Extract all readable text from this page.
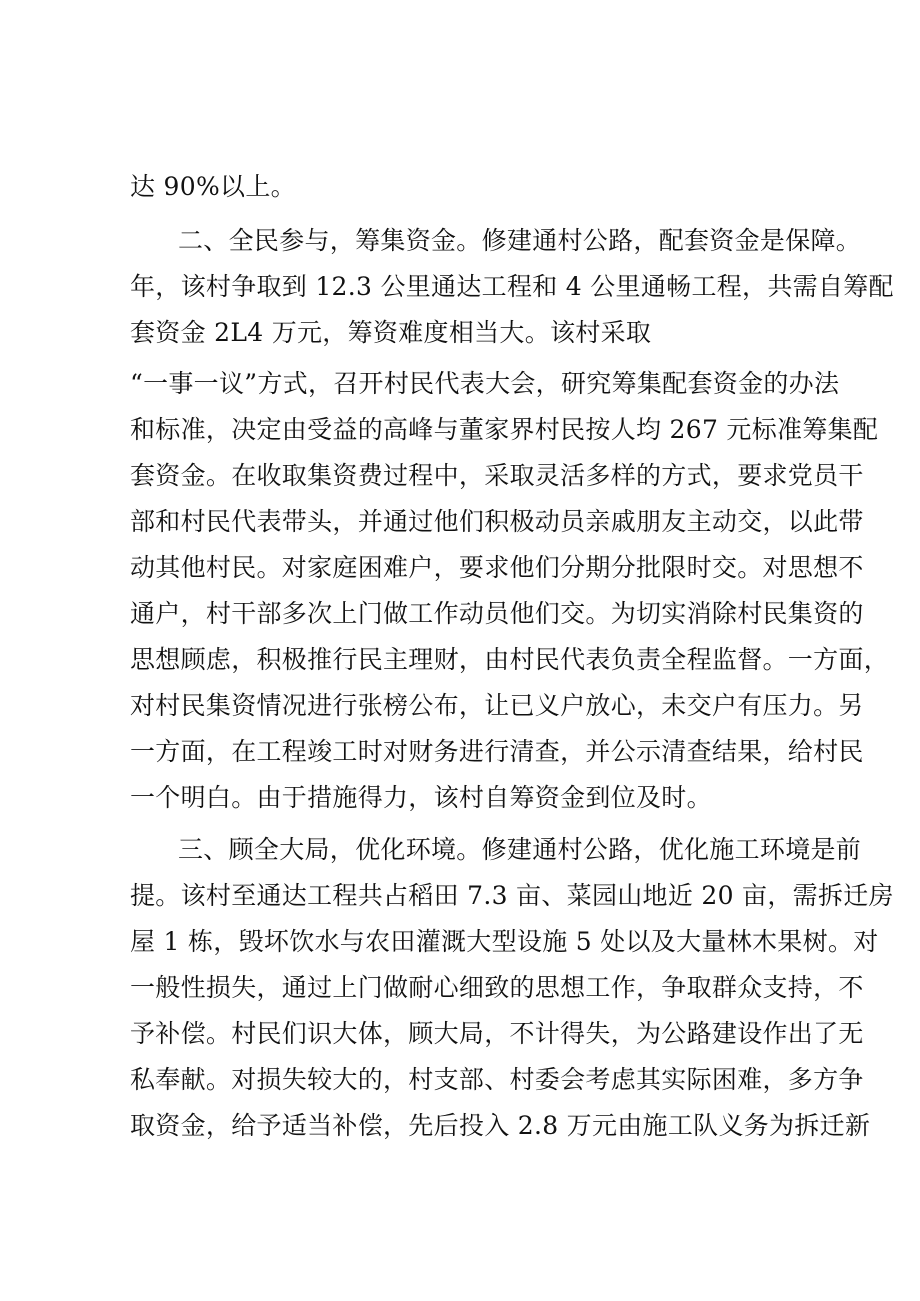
达 90%以上。
二、全民参与，筹集资金。修建通村公路，配套资金是保障。
年，该村争取到 12.3 公里通达工程和 4 公里通畅工程，共需自筹配
套资金 2L4 万元，筹资难度相当大。该村采取
“一事一议”方式，召开村民代表大会，研究筹集配套资金的办法
和标准，决定由受益的高峰与董家界村民按人均 267 元标准筹集配
套资金。在收取集资费过程中，采取灵活多样的方式，要求党员干
部和村民代表带头，并通过他们积极动员亲戚朋友主动交，以此带
动其他村民。对家庭困难户，要求他们分期分批限时交。对思想不
通户，村干部多次上门做工作动员他们交。为切实消除村民集资的
思想顾虑，积极推行民主理财，由村民代表负责全程监督。一方面，
对村民集资情况进行张榜公布，让已义户放心，未交户有压力。另
一方面，在工程竣工时对财务进行清查，并公示清查结果，给村民
一个明白。由于措施得力，该村自筹资金到位及时。
三、顾全大局，优化环境。修建通村公路，优化施工环境是前
提。该村至通达工程共占稻田 7.3 亩、菜园山地近 20 亩，需拆迁房
屋 1 栋，毁坏饮水与农田灌溉大型设施 5 处以及大量林木果树。对
一般性损失，通过上门做耐心细致的思想工作，争取群众支持，不
予补偿。村民们识大体，顾大局，不计得失，为公路建设作出了无
私奉献。对损失较大的，村支部、村委会考虑其实际困难，多方争
取资金，给予适当补偿，先后投入 2.8 万元由施工队义务为拆迁新
